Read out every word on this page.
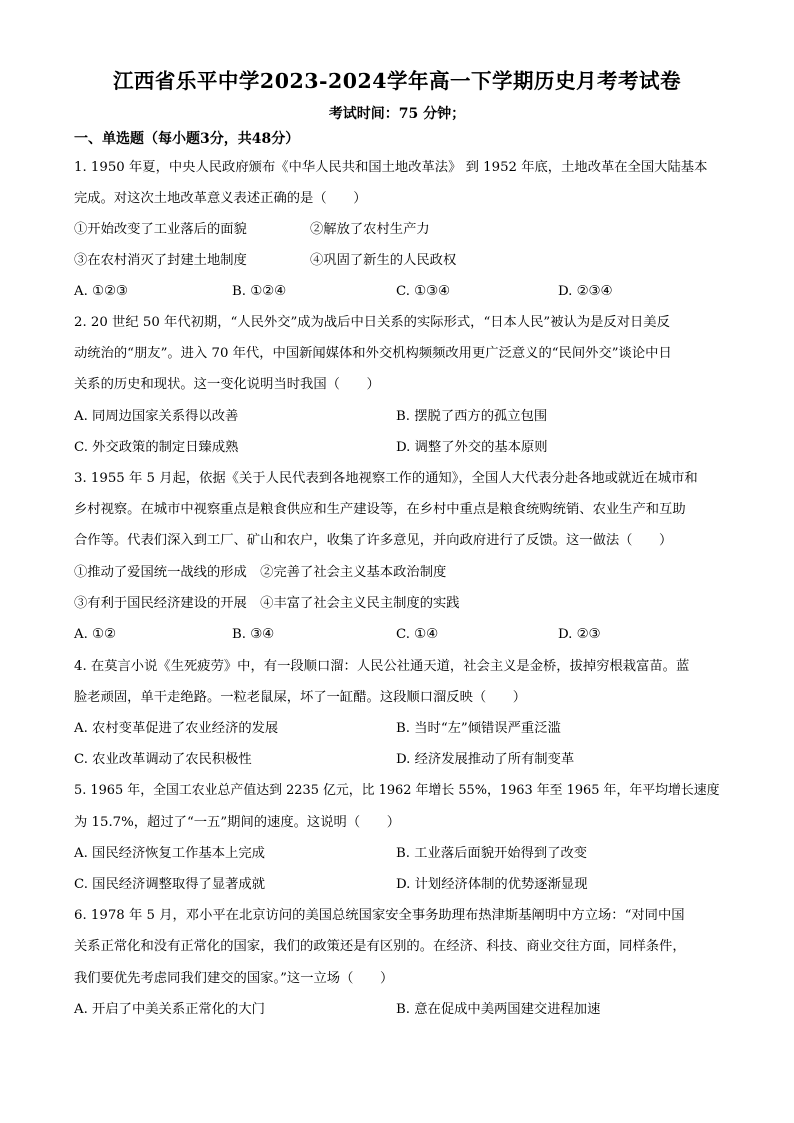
江西省乐平中学2023-2024学年高一下学期历史月考考试卷
考试时间：75 分钟；
一、单选题（每小题3分，共48分）
1. 1950 年夏，中央人民政府颁布《中华人民共和国土地改革法》 到 1952 年底，土地改革在全国大陆基本
完成。对这次土地改革意义表述正确的是（　　）
①开始改变了工业落后的面貌	②解放了农村生产力
③在农村消灭了封建土地制度	④巩固了新生的人民政权
A. ①②③	B. ①②④	C. ①③④	D. ②③④
2. 20 世纪 50 年代初期，“人民外交”成为战后中日关系的实际形式，“日本人民”被认为是反对日美反
动统治的“朋友”。进入 70 年代，中国新闻媒体和外交机构频频改用更广泛意义的“民间外交”谈论中日
关系的历史和现状。这一变化说明当时我国（　　）
A. 同周边国家关系得以改善	B. 摆脱了西方的孤立包围
C. 外交政策的制定日臻成熟	D. 调整了外交的基本原则
3. 1955 年 5 月起，依据《关于人民代表到各地视察工作的通知》，全国人大代表分赴各地或就近在城市和
乡村视察。在城市中视察重点是粮食供应和生产建设等，在乡村中重点是粮食统购统销、农业生产和互助
合作等。代表们深入到工厂、矿山和农户，收集了许多意见，并向政府进行了反馈。这一做法（　　）
①推动了爱国统一战线的形成　②完善了社会主义基本政治制度
③有利于国民经济建设的开展　④丰富了社会主义民主制度的实践
A. ①②	B. ③④	C. ①④	D. ②③
4. 在莫言小说《生死疲劳》中，有一段顺口溜：人民公社通天道，社会主义是金桥，拔掉穷根栽富苗。蓝
脸老顽固，单干走绝路。一粒老鼠屎，坏了一缸醋。这段顺口溜反映（　　）
A. 农村变革促进了农业经济的发展	B. 当时“左”倾错误严重泛滥
C. 农业改革调动了农民积极性	D. 经济发展推动了所有制变革
5. 1965 年，全国工农业总产值达到 2235 亿元，比 1962 年增长 55%，1963 年至 1965 年，年平均增长速度
为 15.7%，超过了“一五”期间的速度。这说明（　　）
A. 国民经济恢复工作基本上完成	B. 工业落后面貌开始得到了改变
C. 国民经济调整取得了显著成就	D. 计划经济体制的优势逐渐显现
6. 1978 年 5 月，邓小平在北京访问的美国总统国家安全事务助理布热津斯基阐明中方立场：“对同中国
关系正常化和没有正常化的国家，我们的政策还是有区别的。在经济、科技、商业交往方面，同样条件，
我们要优先考虑同我们建交的国家。”这一立场（　　）
A. 开启了中美关系正常化的大门	B. 意在促成中美两国建交进程加速
